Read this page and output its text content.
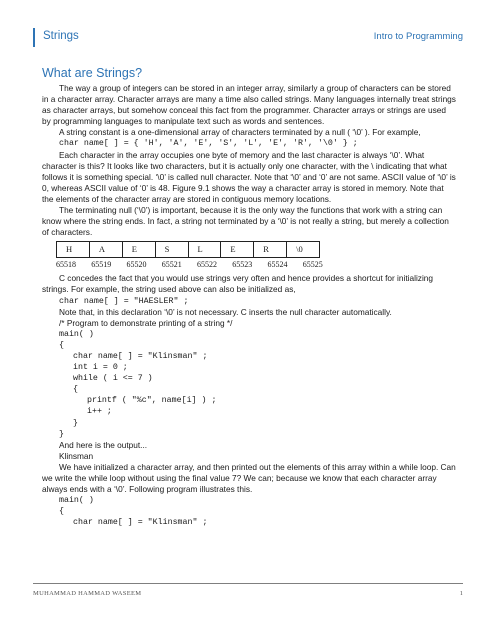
Strings	Intro to Programming
What are Strings?

The way a group of integers can be stored in an integer array, similarly a group of characters can be stored in a character array. Character arrays are many a time also called strings. Many languages internally treat strings as character arrays, but somehow conceal this fact from the programmer. Character arrays or strings are used by programming languages to manipulate text such as words and sentences.

A string constant is a one-dimensional array of characters terminated by a null ( ‘\0’ ). For example,

char name[ ] = { 'H', 'A', 'E', 'S', 'L', 'E', 'R', '\0' } ;

Each character in the array occupies one byte of memory and the last character is always ‘\0’. What character is this? It looks like two characters, but it is actually only one character, with the \ indicating that what follows it is something special. ‘\0’ is called null character. Note that ‘\0’ and ‘0’ are not same. ASCII value of ‘\0’ is 0, whereas ASCII value of ‘0’ is 48. Figure 9.1 shows the way a character array is stored in memory. Note that the elements of the character array are stored in contiguous memory locations.

The terminating null (‘\0’) is important, because it is the only way the functions that work with a string can know where the string ends. In fact, a string not terminated by a ‘\0’ is not really a string, but merely a collection of characters.

H	A	E	S	L	E	R	\0
65518	65519	65520	65521	65522	65523	65524	65525

C concedes the fact that you would use strings very often and hence provides a shortcut for initializing strings. For example, the string used above can also be initialized as,

char name[ ] = "HAESLER" ;

Note that, in this declaration ‘\0’ is not necessary. C inserts the null character automatically.

/* Program to demonstrate printing of a string */

main( )
{
char name[ ] = "Klinsman" ;
int i = 0 ;
while ( i <= 7 )
{
printf ( "%c", name[i] ) ;
i++ ;
}
}

And here is the output...

Klinsman

We have initialized a character array, and then printed out the elements of this array within a while loop. Can we write the while loop without using the final value 7? We can; because we know that each character array always ends with a ‘\0’. Following program illustrates this.

main( )
{
char name[ ] = "Klinsman" ;
MUHAMMAD HAMMAD WASEEM	1
